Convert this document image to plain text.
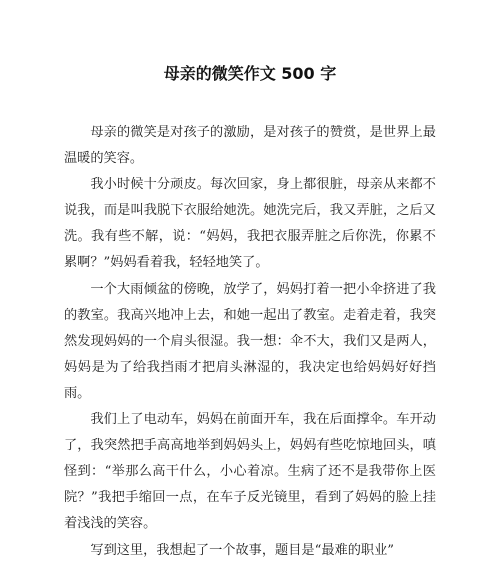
母亲的微笑作文 500 字

母亲的微笑是对孩子的激励，是对孩子的赞赏，是世界上最温暖的笑容。

我小时候十分顽皮。每次回家，身上都很脏，母亲从来都不说我，而是叫我脱下衣服给她洗。她洗完后，我又弄脏，之后又洗。我有些不解，说：“妈妈，我把衣服弄脏之后你洗，你累不累啊？”妈妈看着我，轻轻地笑了。

一个大雨倾盆的傍晚，放学了，妈妈打着一把小伞挤进了我的教室。我高兴地冲上去，和她一起出了教室。走着走着，我突然发现妈妈的一个肩头很湿。我一想：伞不大，我们又是两人，妈妈是为了给我挡雨才把肩头淋湿的，我决定也给妈妈好好挡雨。

我们上了电动车，妈妈在前面开车，我在后面撑伞。车开动了，我突然把手高高地举到妈妈头上，妈妈有些吃惊地回头，嗔怪到：“举那么高干什么，小心着凉。生病了还不是我带你上医院？”我把手缩回一点，在车子反光镜里，看到了妈妈的脸上挂着浅浅的笑容。

写到这里，我想起了一个故事，题目是“最难的职业”
